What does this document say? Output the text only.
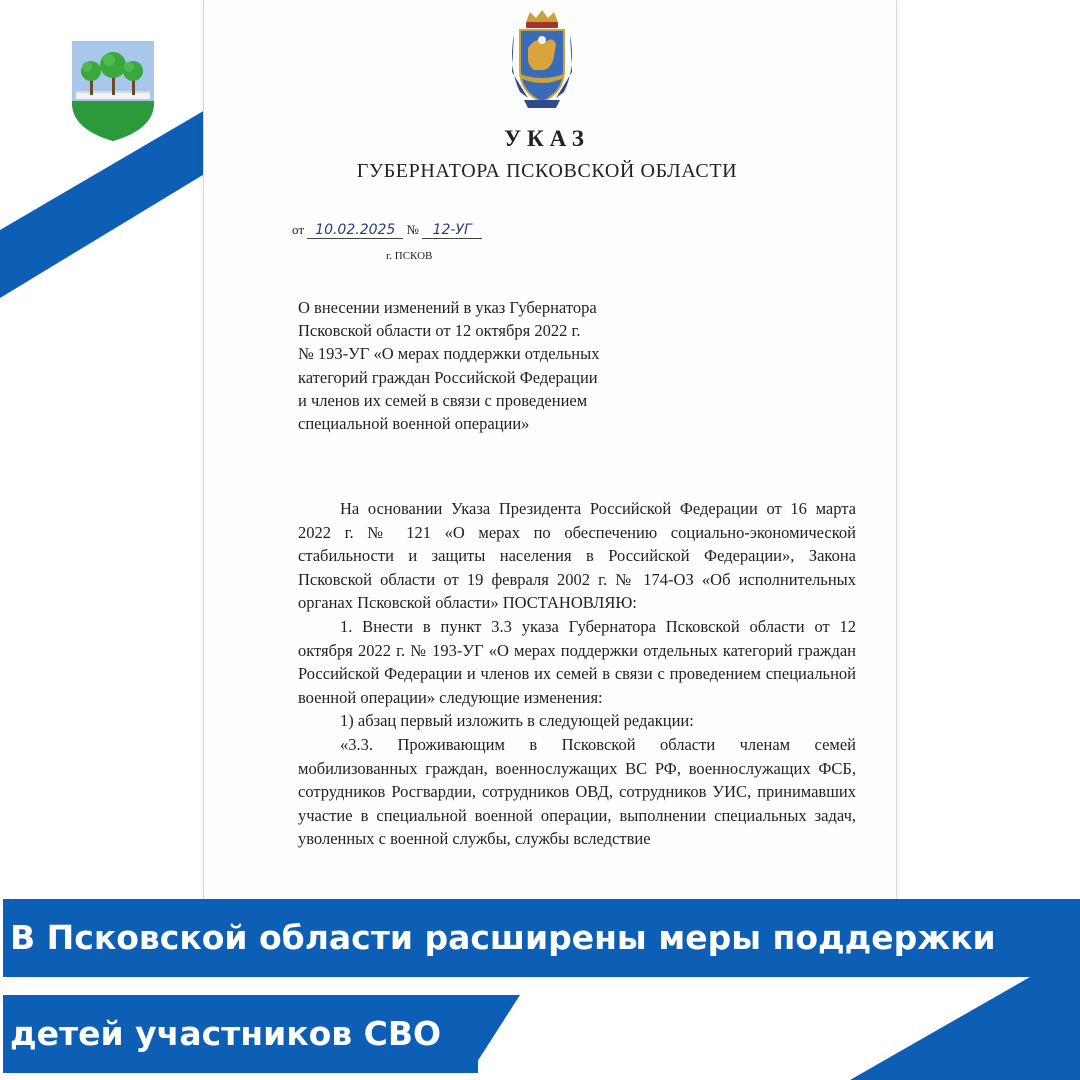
УКАЗ
ГУБЕРНАТОРА ПСКОВСКОЙ ОБЛАСТИ
от 10.02.2025 № 12-УГ
г. ПСКОВ
О внесении изменений в указ Губернатора
Псковской области от 12 октября 2022 г.
№ 193-УГ «О мерах поддержки отдельных
категорий граждан Российской Федерации
и членов их семей в связи с проведением
специальной военной операции»

На основании Указа Президента Российской Федерации от 16 марта 2022 г. № 121 «О мерах по обеспечению социально-экономической стабильности и защиты населения в Российской Федерации», Закона Псковской области от 19 февраля 2002 г. № 174-ОЗ «Об исполнительных органах Псковской области» ПОСТАНОВЛЯЮ:

1. Внести в пункт 3.3 указа Губернатора Псковской области от 12 октября 2022 г. № 193-УГ «О мерах поддержки отдельных категорий граждан Российской Федерации и членов их семей в связи с проведением специальной военной операции» следующие изменения:

1) абзац первый изложить в следующей редакции:

«3.3. Проживающим в Псковской области членам семей мобилизованных граждан, военнослужащих ВС РФ, военнослужащих ФСБ, сотрудников Росгвардии, сотрудников ОВД, сотрудников УИС, принимавших участие в специальной военной операции, выполнении специальных задач, уволенных с военной службы, службы вследствие

В Псковской области расширены меры поддержки
детей участников СВО
